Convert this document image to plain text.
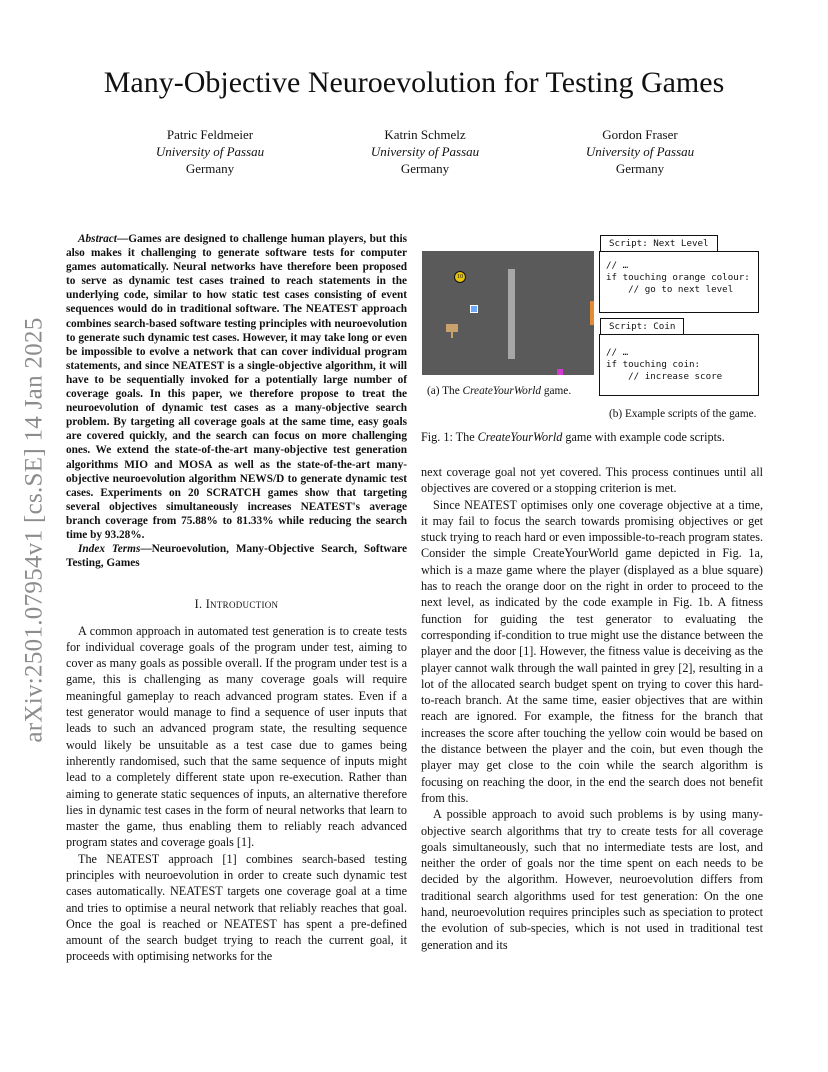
arXiv:2501.07954v1 [cs.SE] 14 Jan 2025
Many-Objective Neuroevolution for Testing Games
Patric Feldmeier
University of Passau
Germany
Katrin Schmelz
University of Passau
Germany
Gordon Fraser
University of Passau
Germany

Abstract—Games are designed to challenge human players, but this also makes it challenging to generate software tests for computer games automatically. Neural networks have therefore been proposed to serve as dynamic test cases trained to reach statements in the underlying code, similar to how static test cases consisting of event sequences would do in traditional software. The NEATEST approach combines search-based software testing principles with neuroevolution to generate such dynamic test cases. However, it may take long or even be impossible to evolve a network that can cover individual program statements, and since NEATEST is a single-objective algorithm, it will have to be sequentially invoked for a potentially large number of coverage goals. In this paper, we therefore propose to treat the neuroevolution of dynamic test cases as a many-objective search problem. By targeting all coverage goals at the same time, easy goals are covered quickly, and the search can focus on more challenging ones. We extend the state-of-the-art many-objective test generation algorithms MIO and MOSA as well as the state-of-the-art many-objective neuroevolution algorithm NEWS/D to generate dynamic test cases. Experiments on 20 SCRATCH games show that targeting several objectives simultaneously increases NEATEST's average branch coverage from 75.88% to 81.33% while reducing the search time by 93.28%.

Index Terms—Neuroevolution, Many-Objective Search, Software Testing, Games

I. Introduction

A common approach in automated test generation is to create tests for individual coverage goals of the program under test, aiming to cover as many goals as possible overall. If the program under test is a game, this is challenging as many coverage goals will require meaningful gameplay to reach advanced program states. Even if a test generator would manage to find a sequence of user inputs that leads to such an advanced program state, the resulting sequence would likely be unsuitable as a test case due to games being inherently randomised, such that the same sequence of inputs might lead to a completely different state upon re-execution. Rather than aiming to generate static sequences of inputs, an alternative therefore lies in dynamic test cases in the form of neural networks that learn to master the game, thus enabling them to reliably reach advanced program states and coverage goals [1].

The NEATEST approach [1] combines search-based testing principles with neuroevolution in order to create such dynamic test cases automatically. NEATEST targets one coverage goal at a time and tries to optimise a neural network that reliably reaches that goal. Once the goal is reached or NEATEST has spent a pre-defined amount of the search budget trying to reach the current goal, it proceeds with optimising networks for the

10
(a) The CreateYourWorld game.
Script: Next Level
// …
if touching orange colour:
// go to next level
Script: Coin
// …
if touching coin:
// increase score
(b) Example scripts of the game.
Fig. 1: The CreateYourWorld game with example code scripts.

next coverage goal not yet covered. This process continues until all objectives are covered or a stopping criterion is met.

Since NEATEST optimises only one coverage objective at a time, it may fail to focus the search towards promising objectives or get stuck trying to reach hard or even impossible-to-reach program states. Consider the simple CreateYourWorld game depicted in Fig. 1a, which is a maze game where the player (displayed as a blue square) has to reach the orange door on the right in order to proceed to the next level, as indicated by the code example in Fig. 1b. A fitness function for guiding the test generator to evaluating the corresponding if-condition to true might use the distance between the player and the door [1]. However, the fitness value is deceiving as the player cannot walk through the wall painted in grey [2], resulting in a lot of the allocated search budget spent on trying to cover this hard-to-reach branch. At the same time, easier objectives that are within reach are ignored. For example, the fitness for the branch that increases the score after touching the yellow coin would be based on the distance between the player and the coin, but even though the player may get close to the coin while the search algorithm is focusing on reaching the door, in the end the search does not benefit from this.

A possible approach to avoid such problems is by using many-objective search algorithms that try to create tests for all coverage goals simultaneously, such that no intermediate tests are lost, and neither the order of goals nor the time spent on each needs to be decided by the algorithm. However, neuroevolution differs from traditional search algorithms used for test generation: On the one hand, neuroevolution requires principles such as speciation to protect the evolution of sub-species, which is not used in traditional test generation and its
